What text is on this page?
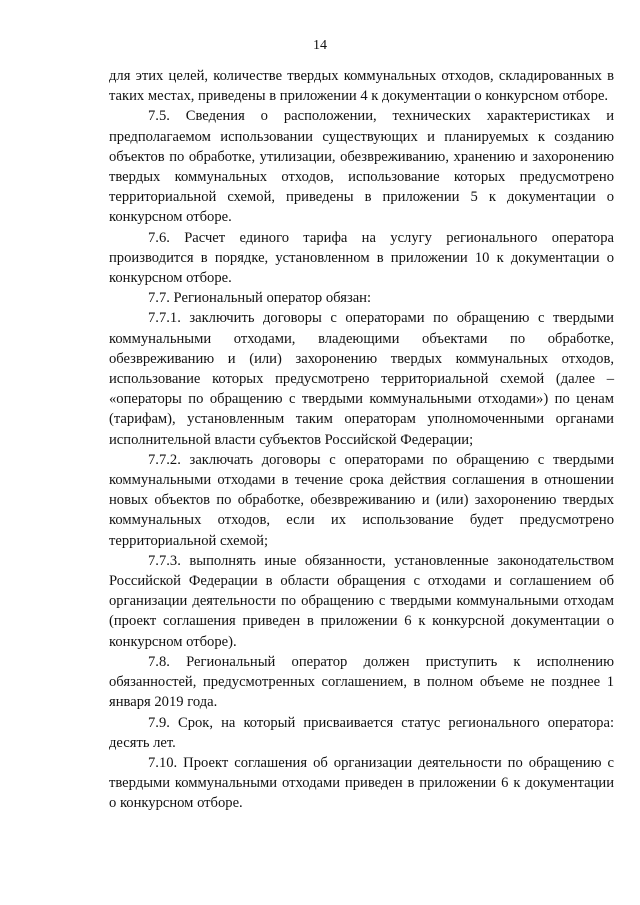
14

для этих целей, количестве твердых коммунальных отходов, складированных в таких местах, приведены в приложении 4 к документации о конкурсном отборе.

7.5. Сведения о расположении, технических характеристиках и предполагаемом использовании существующих и планируемых к созданию объектов по обработке, утилизации, обезвреживанию, хранению и захоронению твердых коммунальных отходов, использование которых предусмотрено территориальной схемой, приведены в приложении 5 к документации о конкурсном отборе.

7.6. Расчет единого тарифа на услугу регионального оператора производится в порядке, установленном в приложении 10 к документации о конкурсном отборе.

7.7. Региональный оператор обязан:

7.7.1. заключить договоры с операторами по обращению с твердыми коммунальными отходами, владеющими объектами по обработке, обезвреживанию и (или) захоронению твердых коммунальных отходов, использование которых предусмотрено территориальной схемой (далее – «операторы по обращению с твердыми коммунальными отходами») по ценам (тарифам), установленным таким операторам уполномоченными органами исполнительной власти субъектов Российской Федерации;

7.7.2. заключать договоры с операторами по обращению с твердыми коммунальными отходами в течение срока действия соглашения в отношении новых объектов по обработке, обезвреживанию и (или) захоронению твердых коммунальных отходов, если их использование будет предусмотрено территориальной схемой;

7.7.3. выполнять иные обязанности, установленные законодательством Российской Федерации в области обращения с отходами и соглашением об организации деятельности по обращению с твердыми коммунальными отходам (проект соглашения приведен в приложении 6 к конкурсной документации о конкурсном отборе).

7.8. Региональный оператор должен приступить к исполнению обязанностей, предусмотренных соглашением, в полном объеме не позднее 1 января 2019 года.

7.9. Срок, на который присваивается статус регионального оператора: десять лет.

7.10. Проект соглашения об организации деятельности по обращению с твердыми коммунальными отходами приведен в приложении 6 к документации о конкурсном отборе.
